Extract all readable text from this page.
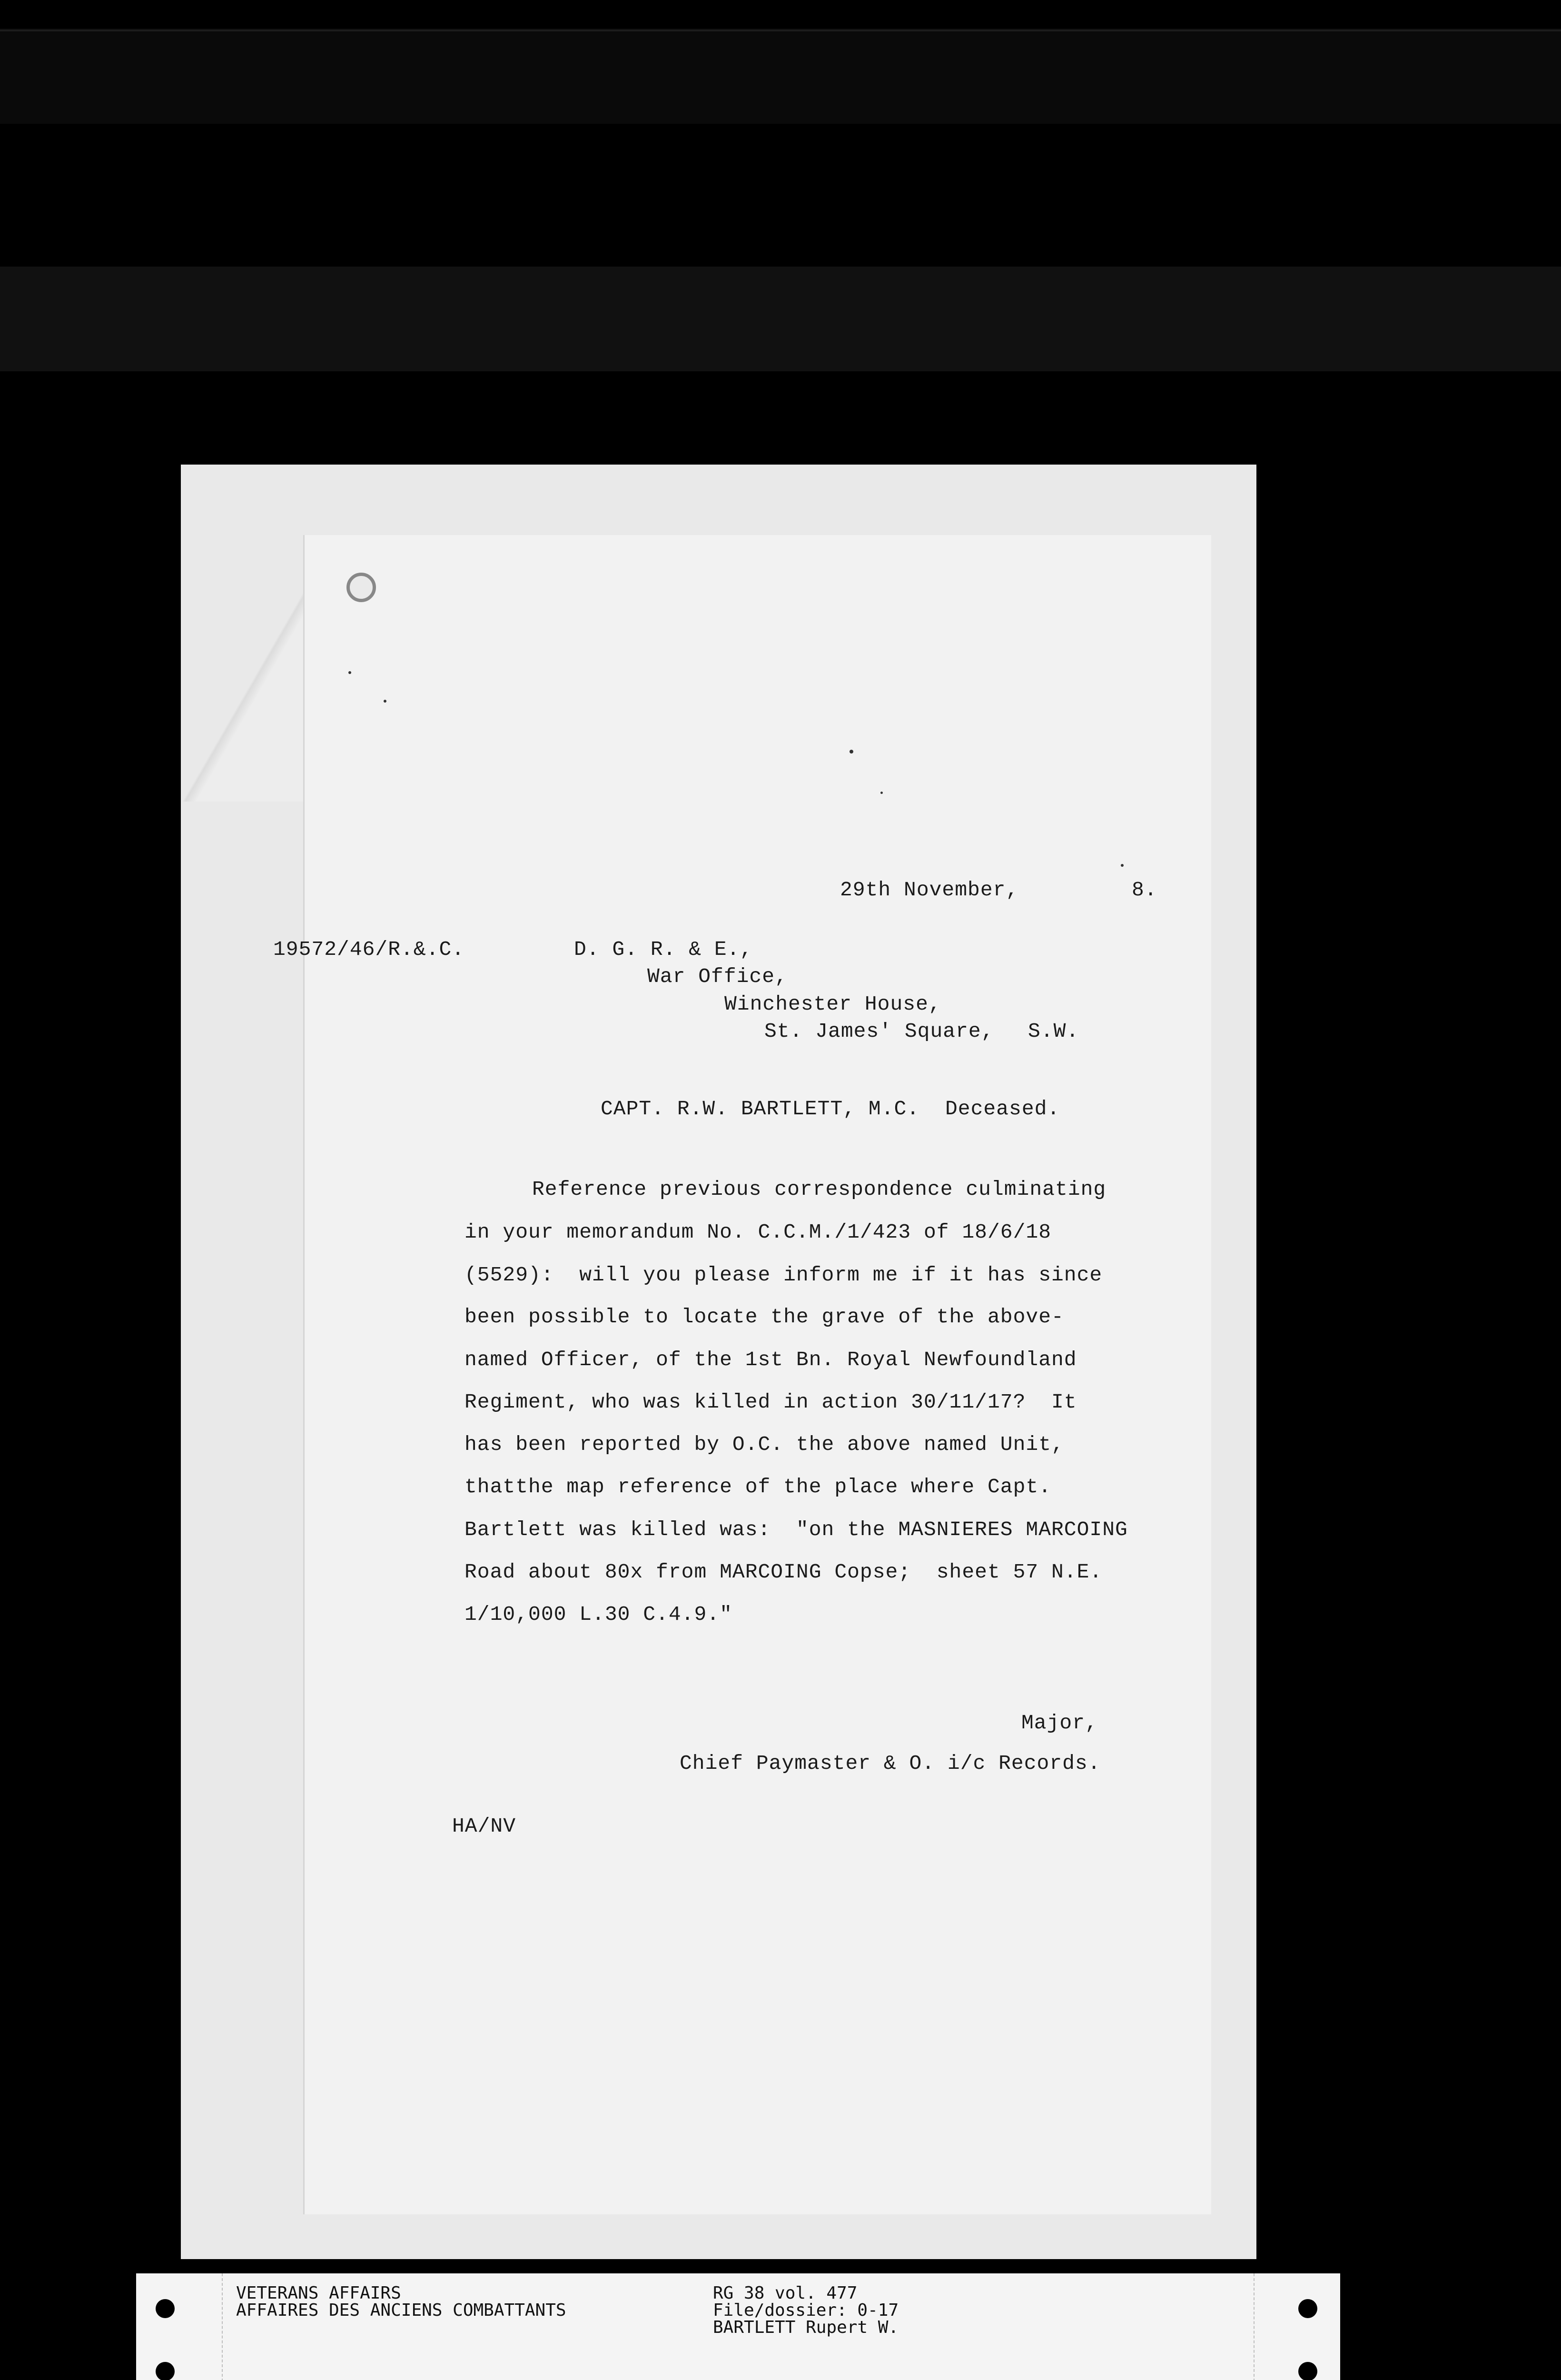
29th November,	8.
19572/46/R.&.C.	D. G. R. & E.,
War Office,
Winchester House,
St. James' Square, S.W.
CAPT. R.W. BARTLETT, M.C. Deceased.
Reference previous correspondence culminating
in your memorandum No. C.C.M./1/423 of 18/6/18
(5529):  will you please inform me if it has since
been possible to locate the grave of the above-
named Officer, of the 1st Bn. Royal Newfoundland
Regiment, who was killed in action 30/11/17?  It
has been reported by O.C. the above named Unit,
thatthe map reference of the place where Capt.
Bartlett was killed was:  "on the MASNIERES MARCOING
Road about 80x from MARCOING Copse;  sheet 57 N.E.
1/10,000 L.30 C.4.9."
Major,
Chief Paymaster & O. i/c Records.
HA/NV
VETERANS AFFAIRS
AFFAIRES DES ANCIENS COMBATTANTS
RG 38 vol. 477
File/dossier: 0-17
BARTLETT Rupert W.
